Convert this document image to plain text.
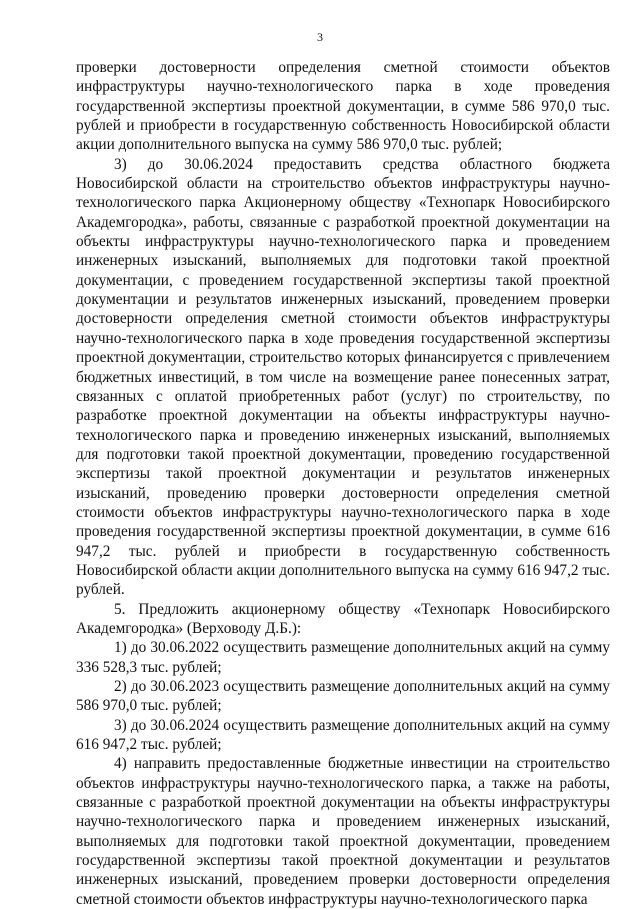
3

проверки достоверности определения сметной стоимости объектов инфраструктуры научно-технологического парка в ходе проведения государственной экспертизы проектной документации, в сумме 586 970,0 тыс. рублей и приобрести в государственную собственность Новосибирской области акции дополнительного выпуска на сумму 586 970,0 тыс. рублей;

3) до 30.06.2024 предоставить средства областного бюджета Новосибирской области на строительство объектов инфраструктуры научно-технологического парка Акционерному обществу «Технопарк Новосибирского Академгородка», работы, связанные с разработкой проектной документации на объекты инфраструктуры научно-технологического парка и проведением инженерных изысканий, выполняемых для подготовки такой проектной документации, с проведением государственной экспертизы такой проектной документации и результатов инженерных изысканий, проведением проверки достоверности определения сметной стоимости объектов инфраструктуры научно-технологического парка в ходе проведения государственной экспертизы проектной документации, строительство которых финансируется с привлечением бюджетных инвестиций, в том числе на возмещение ранее понесенных затрат, связанных с оплатой приобретенных работ (услуг) по строительству, по разработке проектной документации на объекты инфраструктуры научно-технологического парка и проведению инженерных изысканий, выполняемых для подготовки такой проектной документации, проведению государственной экспертизы такой проектной документации и результатов инженерных изысканий, проведению проверки достоверности определения сметной стоимости объектов инфраструктуры научно-технологического парка в ходе проведения государственной экспертизы проектной документации, в сумме 616 947,2 тыс. рублей и приобрести в государственную собственность Новосибирской области акции дополнительного выпуска на сумму 616 947,2 тыс. рублей.

5. Предложить акционерному обществу «Технопарк Новосибирского Академгородка» (Верховоду Д.Б.):

1) до 30.06.2022 осуществить размещение дополнительных акций на сумму 336 528,3 тыс. рублей;

2) до 30.06.2023 осуществить размещение дополнительных акций на сумму 586 970,0 тыс. рублей;

3) до 30.06.2024 осуществить размещение дополнительных акций на сумму 616 947,2 тыс. рублей;

4) направить предоставленные бюджетные инвестиции на строительство объектов инфраструктуры научно-технологического парка, а также на работы, связанные с разработкой проектной документации на объекты инфраструктуры научно-технологического парка и проведением инженерных изысканий, выполняемых для подготовки такой проектной документации, проведением государственной экспертизы такой проектной документации и результатов инженерных изысканий, проведением проверки достоверности определения сметной стоимости объектов инфраструктуры научно-технологического парка
